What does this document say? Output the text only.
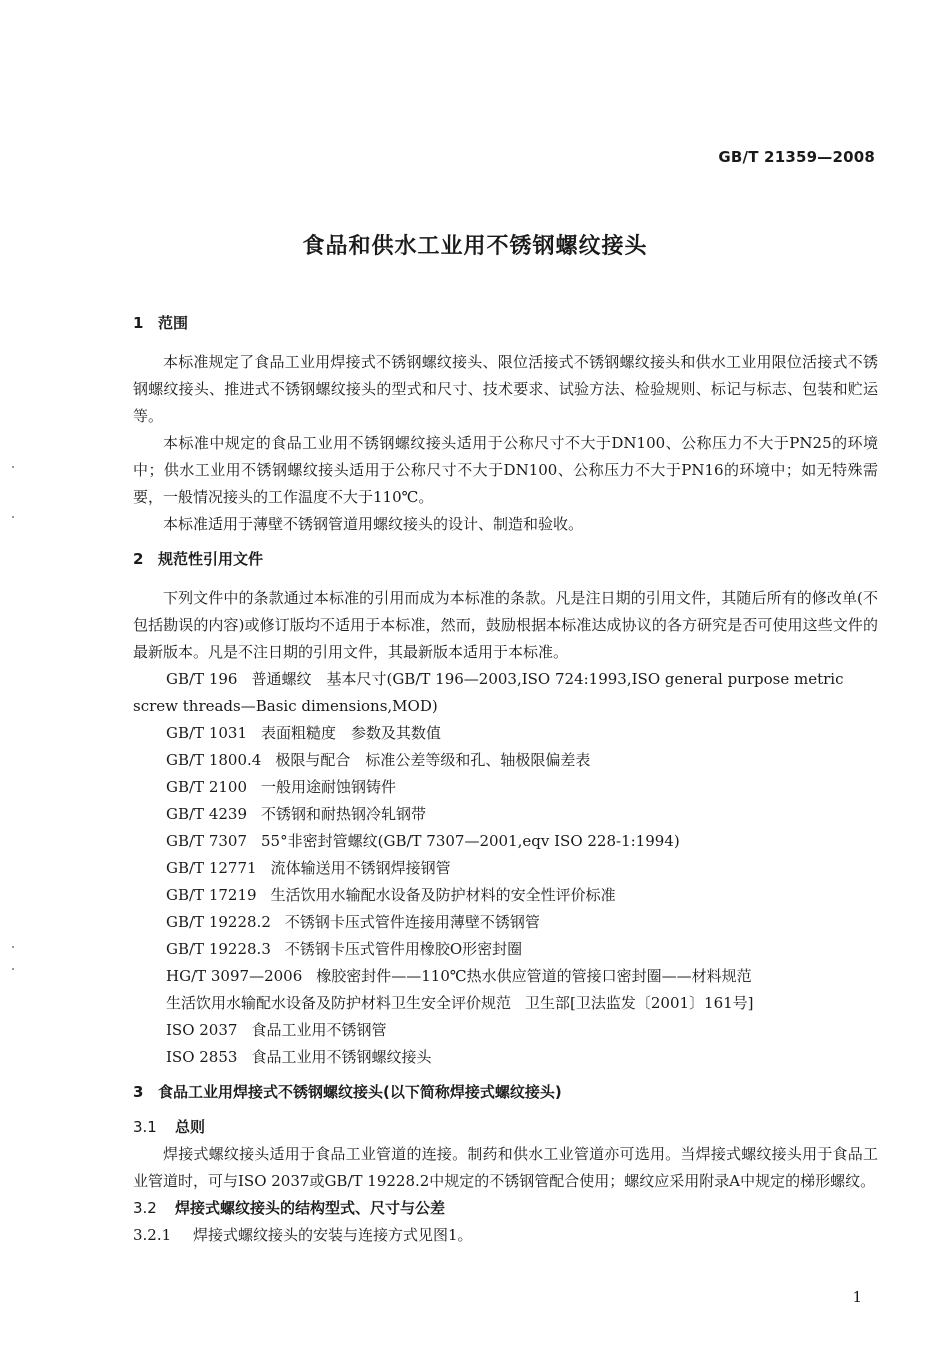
GB/T 21359—2008
食品和供水工业用不锈钢螺纹接头
1 范围

本标准规定了食品工业用焊接式不锈钢螺纹接头、限位活接式不锈钢螺纹接头和供水工业用限位活接式不锈钢螺纹接头、推进式不锈钢螺纹接头的型式和尺寸、技术要求、试验方法、检验规则、标记与标志、包装和贮运等。

本标准中规定的食品工业用不锈钢螺纹接头适用于公称尺寸不大于DN100、公称压力不大于PN25的环境中；供水工业用不锈钢螺纹接头适用于公称尺寸不大于DN100、公称压力不大于PN16的环境中；如无特殊需要，一般情况接头的工作温度不大于110℃。

本标准适用于薄壁不锈钢管道用螺纹接头的设计、制造和验收。

2 规范性引用文件

下列文件中的条款通过本标准的引用而成为本标准的条款。凡是注日期的引用文件，其随后所有的修改单(不包括勘误的内容)或修订版均不适用于本标准，然而，鼓励根据本标准达成协议的各方研究是否可使用这些文件的最新版本。凡是不注日期的引用文件，其最新版本适用于本标准。

GB/T 196 普通螺纹　基本尺寸(GB/T 196—2003,ISO 724:1993,ISO general purpose metric
screw threads—Basic dimensions,MOD)
GB/T 1031 表面粗糙度　参数及其数值
GB/T 1800.4 极限与配合　标准公差等级和孔、轴极限偏差表
GB/T 2100 一般用途耐蚀钢铸件
GB/T 4239 不锈钢和耐热钢冷轧钢带
GB/T 7307 55°非密封管螺纹(GB/T 7307—2001,eqv ISO 228-1:1994)
GB/T 12771 流体输送用不锈钢焊接钢管
GB/T 17219 生活饮用水输配水设备及防护材料的安全性评价标准
GB/T 19228.2 不锈钢卡压式管件连接用薄壁不锈钢管
GB/T 19228.3 不锈钢卡压式管件用橡胶O形密封圈
HG/T 3097—2006 橡胶密封件——110℃热水供应管道的管接口密封圈——材料规范
生活饮用水输配水设备及防护材料卫生安全评价规范 卫生部[卫法监发〔2001〕161号]
ISO 2037 食品工业用不锈钢管
ISO 2853 食品工业用不锈钢螺纹接头
3 食品工业用焊接式不锈钢螺纹接头(以下简称焊接式螺纹接头)
3.1 总则

焊接式螺纹接头适用于食品工业管道的连接。制药和供水工业管道亦可选用。当焊接式螺纹接头用于食品工业管道时，可与ISO 2037或GB/T 19228.2中规定的不锈钢管配合使用；螺纹应采用附录A中规定的梯形螺纹。

3.2 焊接式螺纹接头的结构型式、尺寸与公差
3.2.1 焊接式螺纹接头的安装与连接方式见图1。
1
